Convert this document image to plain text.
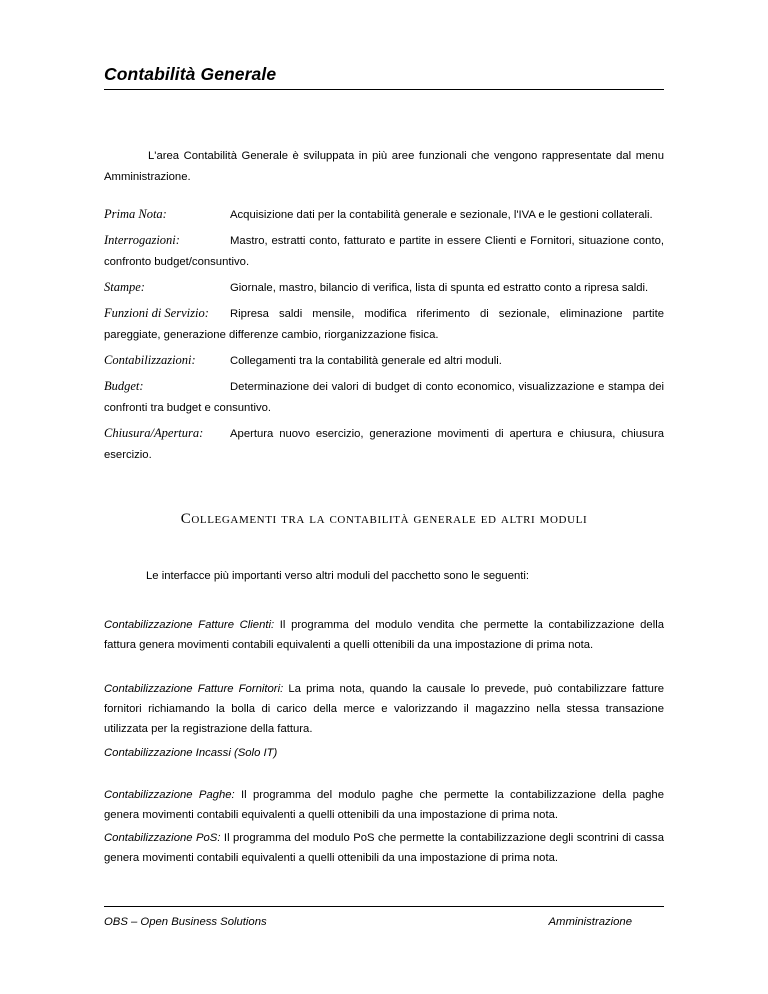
Contabilità Generale
L'area Contabilità Generale è sviluppata in più aree funzionali che vengono rappresentate dal menu Amministrazione.
Prima Nota:	Acquisizione dati per la contabilità generale e sezionale, l'IVA e le gestioni collaterali.
Interrogazioni:	Mastro, estratti conto, fatturato e partite in essere Clienti e Fornitori, situazione conto, confronto budget/consuntivo.
Stampe:	Giornale, mastro, bilancio di verifica, lista di spunta ed estratto conto a ripresa saldi.
Funzioni di Servizio: Ripresa saldi mensile, modifica riferimento di sezionale, eliminazione partite pareggiate, generazione differenze cambio, riorganizzazione fisica.
Contabilizzazioni:	Collegamenti tra la contabilità generale ed altri moduli.
Budget:	Determinazione dei valori di budget di conto economico, visualizzazione e stampa dei confronti tra budget e consuntivo.
Chiusura/Apertura: Apertura nuovo esercizio, generazione movimenti di apertura e chiusura, chiusura esercizio.
Collegamenti tra la contabilità generale ed altri moduli
Le interfacce più importanti verso altri moduli del pacchetto sono le seguenti:
Contabilizzazione Fatture Clienti: Il programma del modulo vendita che permette la contabilizzazione della fattura genera movimenti contabili equivalenti a quelli ottenibili da una impostazione di prima nota.
Contabilizzazione Fatture Fornitori: La prima nota, quando la causale lo prevede, può contabilizzare fatture fornitori richiamando la bolla di carico della merce e valorizzando il magazzino nella stessa transazione utilizzata per la registrazione della fattura.
Contabilizzazione Incassi (Solo IT)
Contabilizzazione Paghe: Il programma del modulo paghe che permette la contabilizzazione della paghe genera movimenti contabili equivalenti a quelli ottenibili da una impostazione di prima nota.
Contabilizzazione PoS: Il programma del modulo PoS che permette la contabilizzazione degli scontrini di cassa genera movimenti contabili equivalenti a quelli ottenibili da una impostazione di prima nota.
OBS – Open Business Solutions	Amministrazione
